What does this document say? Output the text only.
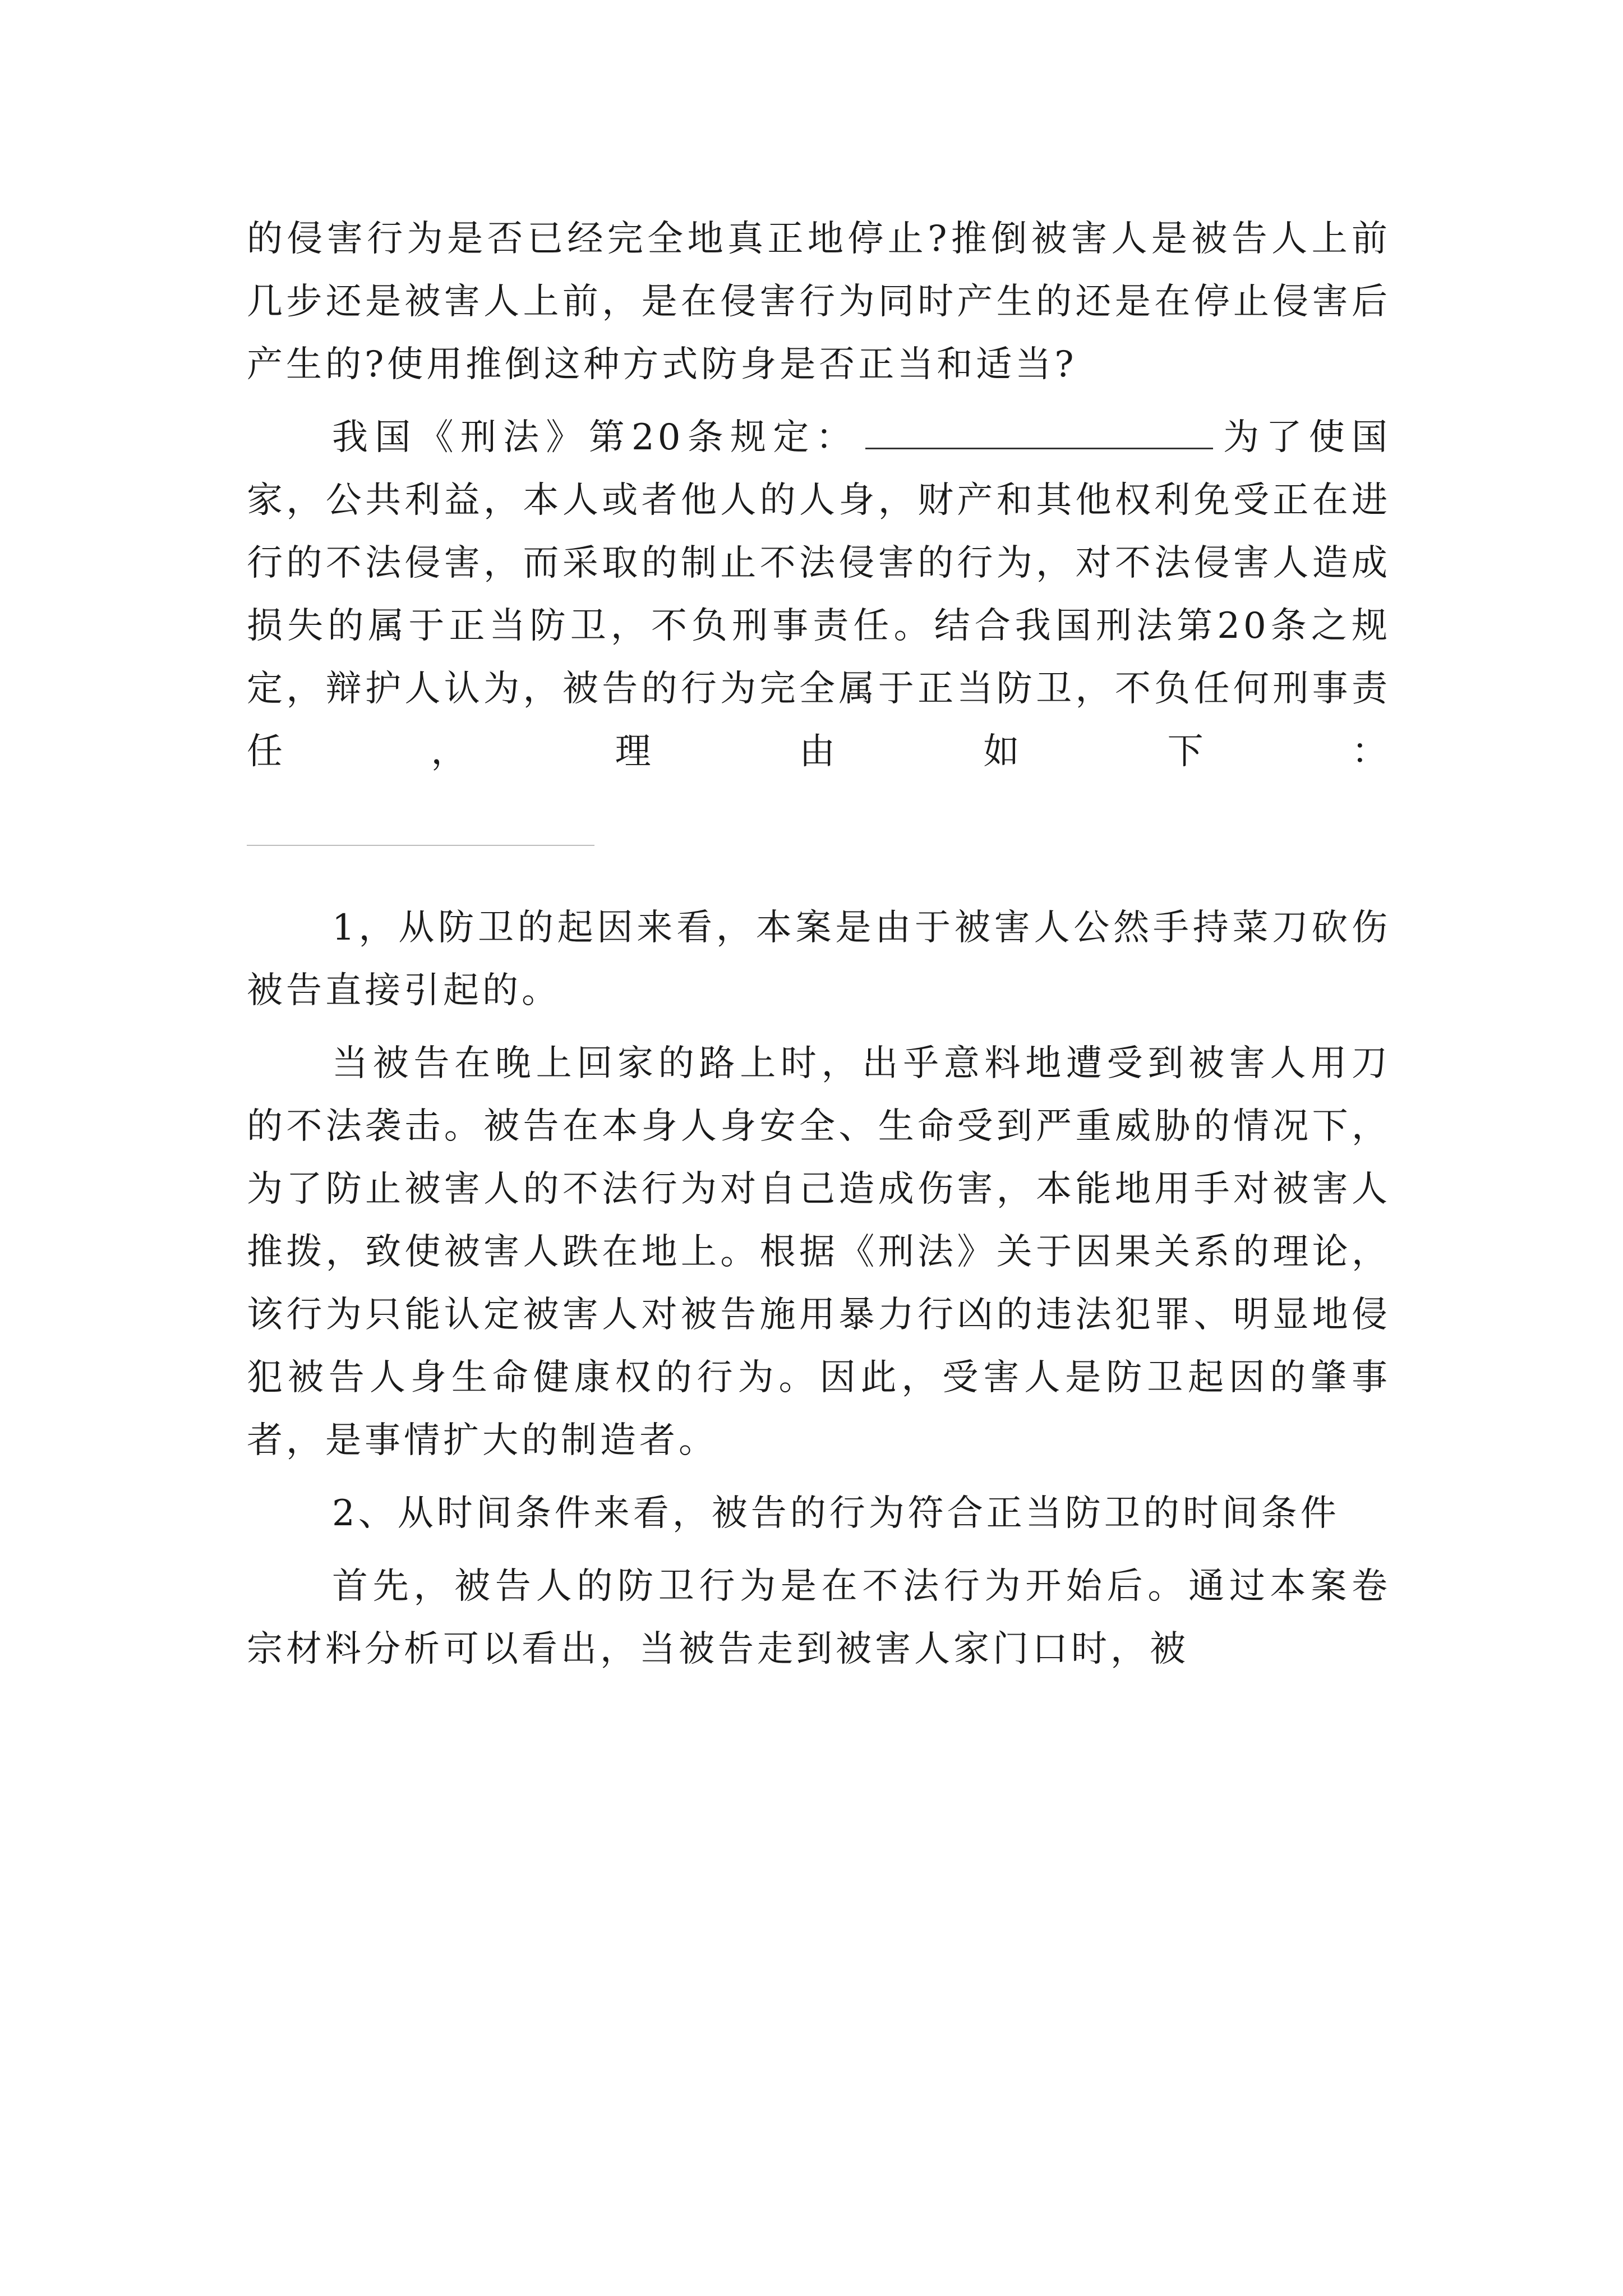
的侵害行为是否已经完全地真正地停止?推倒被害人是被告人上前几步还是被害人上前，是在侵害行为同时产生的还是在停止侵害后产生的?使用推倒这种方式防身是否正当和适当?

我国《刑法》第20条规定：	为了使国家，公共利益，本人或者他人的人身，财产和其他权利免受正在进行的不法侵害，而采取的制止不法侵害的行为，对不法侵害人造成损失的属于正当防卫，不负刑事责任。结合我国刑法第20条之规定，辩护人认为，被告的行为完全属于正当防卫，不负任何刑事责任，理由如下：

1，从防卫的起因来看，本案是由于被害人公然手持菜刀砍伤被告直接引起的。

当被告在晚上回家的路上时，出乎意料地遭受到被害人用刀的不法袭击。被告在本身人身安全、生命受到严重威胁的情况下，为了防止被害人的不法行为对自己造成伤害，本能地用手对被害人推拨，致使被害人跌在地上。根据《刑法》关于因果关系的理论，该行为只能认定被害人对被告施用暴力行凶的违法犯罪、明显地侵犯被告人身生命健康权的行为。因此，受害人是防卫起因的肇事者，是事情扩大的制造者。

2、从时间条件来看，被告的行为符合正当防卫的时间条件

首先，被告人的防卫行为是在不法行为开始后。通过本案卷宗材料分析可以看出，当被告走到被害人家门口时，被
